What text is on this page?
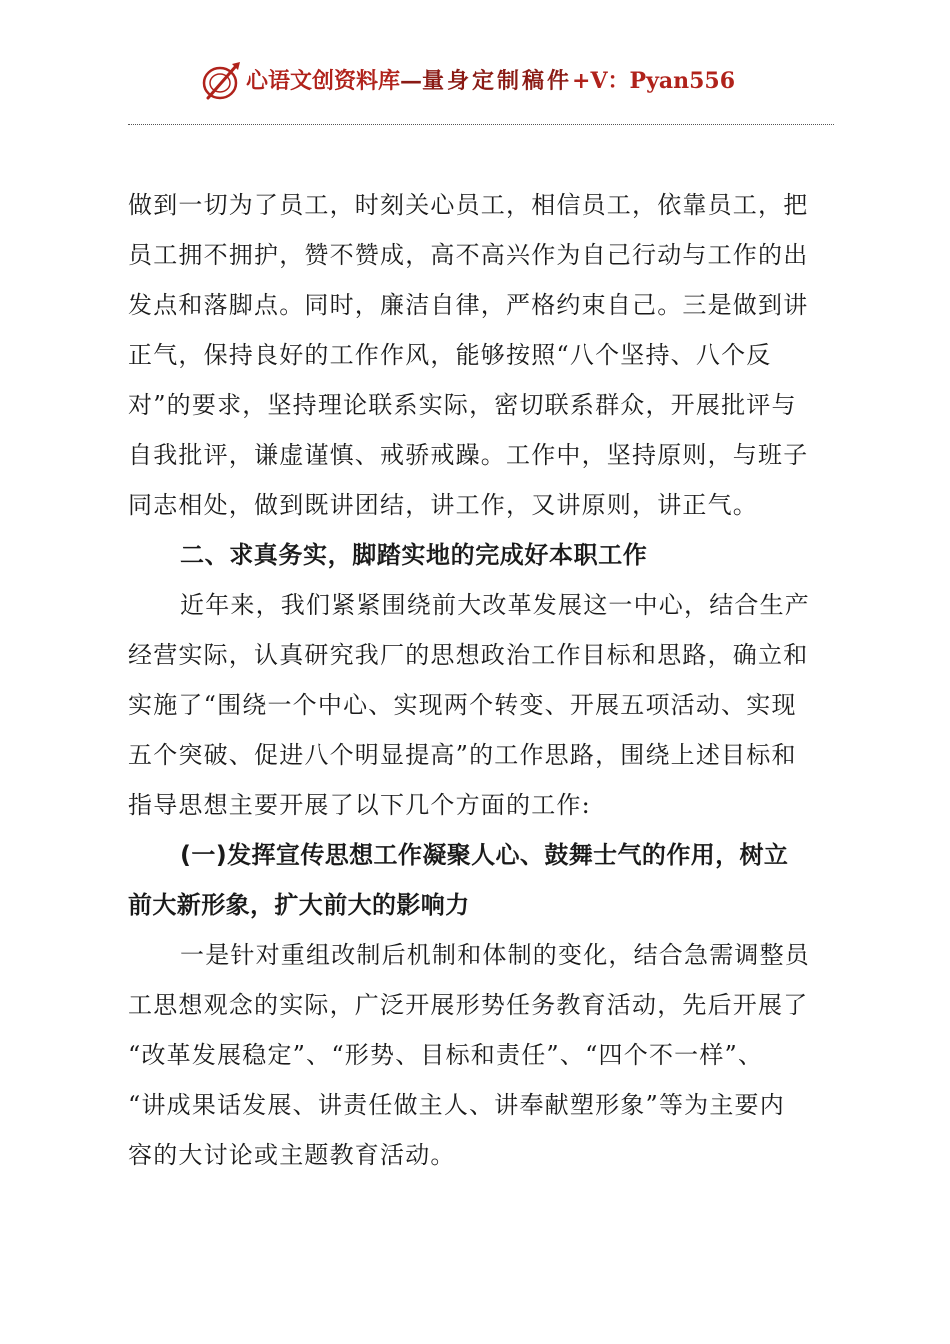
心语文创资料库—量身定制稿件+V：Pyan556
做到一切为了员工，时刻关心员工，相信员工，依靠员工，把
员工拥不拥护，赞不赞成，高不高兴作为自己行动与工作的出
发点和落脚点。同时，廉洁自律，严格约束自己。三是做到讲
正气，保持良好的工作作风，能够按照“八个坚持、八个反
对”的要求，坚持理论联系实际，密切联系群众，开展批评与
自我批评，谦虚谨慎、戒骄戒躁。工作中，坚持原则，与班子
同志相处，做到既讲团结，讲工作，又讲原则，讲正气。
二、求真务实，脚踏实地的完成好本职工作
近年来，我们紧紧围绕前大改革发展这一中心，结合生产
经营实际，认真研究我厂的思想政治工作目标和思路，确立和
实施了“围绕一个中心、实现两个转变、开展五项活动、实现
五个突破、促进八个明显提高”的工作思路，围绕上述目标和
指导思想主要开展了以下几个方面的工作:
(一)发挥宣传思想工作凝聚人心、鼓舞士气的作用，树立
前大新形象，扩大前大的影响力
一是针对重组改制后机制和体制的变化，结合急需调整员
工思想观念的实际，广泛开展形势任务教育活动，先后开展了
“改革发展稳定”、“形势、目标和责任”、“四个不一样”、
“讲成果话发展、讲责任做主人、讲奉献塑形象”等为主要内
容的大讨论或主题教育活动。
